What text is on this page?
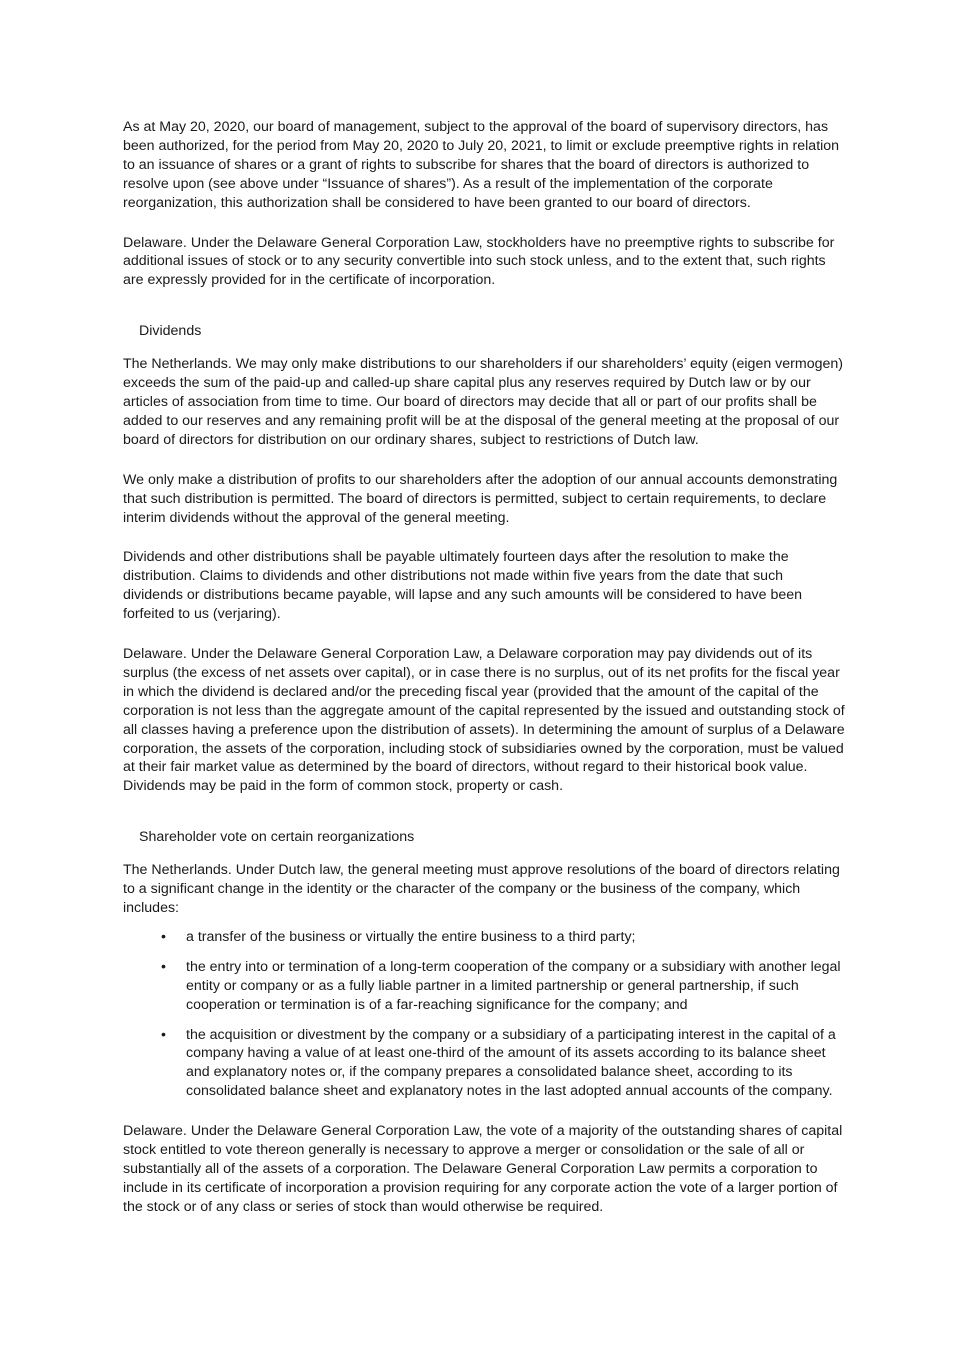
As at May 20, 2020, our board of management, subject to the approval of the board of supervisory directors, has been authorized, for the period from May 20, 2020 to July 20, 2021, to limit or exclude preemptive rights in relation to an issuance of shares or a grant of rights to subscribe for shares that the board of directors is authorized to resolve upon (see above under “Issuance of shares”). As a result of the implementation of the corporate reorganization, this authorization shall be considered to have been granted to our board of directors.

Delaware. Under the Delaware General Corporation Law, stockholders have no preemptive rights to subscribe for additional issues of stock or to any security convertible into such stock unless, and to the extent that, such rights are expressly provided for in the certificate of incorporation.

Dividends

The Netherlands. We may only make distributions to our shareholders if our shareholders’ equity (eigen vermogen) exceeds the sum of the paid-up and called-up share capital plus any reserves required by Dutch law or by our articles of association from time to time. Our board of directors may decide that all or part of our profits shall be added to our reserves and any remaining profit will be at the disposal of the general meeting at the proposal of our board of directors for distribution on our ordinary shares, subject to restrictions of Dutch law.

We only make a distribution of profits to our shareholders after the adoption of our annual accounts demonstrating that such distribution is permitted. The board of directors is permitted, subject to certain requirements, to declare interim dividends without the approval of the general meeting.

Dividends and other distributions shall be payable ultimately fourteen days after the resolution to make the distribution. Claims to dividends and other distributions not made within five years from the date that such dividends or distributions became payable, will lapse and any such amounts will be considered to have been forfeited to us (verjaring).

Delaware. Under the Delaware General Corporation Law, a Delaware corporation may pay dividends out of its surplus (the excess of net assets over capital), or in case there is no surplus, out of its net profits for the fiscal year in which the dividend is declared and/or the preceding fiscal year (provided that the amount of the capital of the corporation is not less than the aggregate amount of the capital represented by the issued and outstanding stock of all classes having a preference upon the distribution of assets). In determining the amount of surplus of a Delaware corporation, the assets of the corporation, including stock of subsidiaries owned by the corporation, must be valued at their fair market value as determined by the board of directors, without regard to their historical book value. Dividends may be paid in the form of common stock, property or cash.

Shareholder vote on certain reorganizations

The Netherlands. Under Dutch law, the general meeting must approve resolutions of the board of directors relating to a significant change in the identity or the character of the company or the business of the company, which includes:

• a transfer of the business or virtually the entire business to a third party;
• the entry into or termination of a long-term cooperation of the company or a subsidiary with another legal entity or company or as a fully liable partner in a limited partnership or general partnership, if such cooperation or termination is of a far-reaching significance for the company; and
• the acquisition or divestment by the company or a subsidiary of a participating interest in the capital of a company having a value of at least one-third of the amount of its assets according to its balance sheet and explanatory notes or, if the company prepares a consolidated balance sheet, according to its consolidated balance sheet and explanatory notes in the last adopted annual accounts of the company.

Delaware. Under the Delaware General Corporation Law, the vote of a majority of the outstanding shares of capital stock entitled to vote thereon generally is necessary to approve a merger or consolidation or the sale of all or substantially all of the assets of a corporation. The Delaware General Corporation Law permits a corporation to include in its certificate of incorporation a provision requiring for any corporate action the vote of a larger portion of the stock or of any class or series of stock than would otherwise be required.
